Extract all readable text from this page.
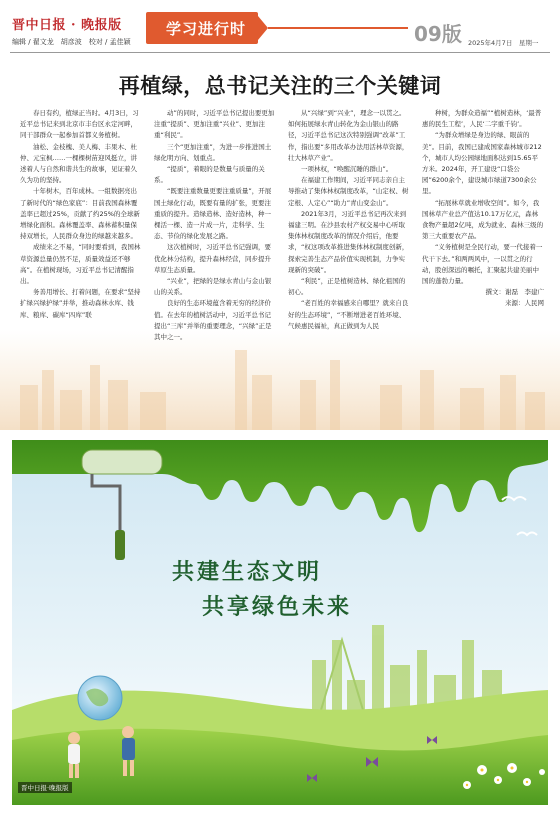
晋中日报 · 晚报版
编辑 / 翟文龙　胡彦波　校对 / 孟佳颖
学习进行时	09版 2025年4月7日　星期一
再植绿，总书记关注的三个关键词

春日有约，植绿正当时。4月3日，习近平总书记来到北京市丰台区永定河畔，同干部群众一起参加首都义务植树。

油松、金枝槐、美人梅、丰果木、杜仲、元宝枫……一棵棵树苗迎风挺立，讲述着人与自然和谐共生的故事，见证着久久为功的坚持。

十年树木，百年成林。一组数据亮出了新时代的“绿色家底”：目前我国森林覆盖率已超过25%，贡献了约25%的全球新增绿化面积。森林覆盖率、森林蓄积量保持双增长，人民群众身边的绿越来越多。

成绩来之不易，“同时要看到，我国林草资源总量仍然不足，质量效益还不够高”。在植树现场，习近平总书记清醒指出。

务善用增长、打着问题，在要求“坚持扩绿兴绿护绿”并举，推动森林水库、钱库、粮库、碳库“四库”联

动”的同时，习近平总书记提出要更加注重“提质”、更加注重“兴业”、更加注重“利民”。

三个“更加注重”，为进一步推进国土绿化明方向、划重点。

“提质”，着眼的是数量与质量的关系。

“既要注重数量更要注重质量”，开展国土绿化行动，既要有量的扩张，更要注重质的提升。造绿造林、造好造林，种一棵活一棵、造一片成一片，走科学、生态、节俭的绿化发展之路。

这次植树时，习近平总书记强调，要优化林分结构，提升森林经营，同步提升草原生态质量。

“兴业”，把绿的是绿水青山与金山银山的关系。

良好的生态环境蕴含着无穷的经济价值。在去年的植树活动中，习近平总书记提出“三库”并举的重要理念，“兴绿”正是其中之一。

从“兴绿”到“兴业”，理念一以贯之。如何拓展绿水青山转化为金山银山的路径，习近平总书记这次特别强调“改革”工作，指出要“多用改革办法用活林草资源，壮大林草产业”。

一项林权，“唤醒沉睡的群山”。

在福建工作期间，习近平同志亲自主导推动了集体林权制度改革，“山定权、树定根、人定心”“助力”青山变金山”。

2021年3月，习近平总书记再次来到福建三明。在沙县农村产权交易中心听取集体林权制度改革的情况介绍后，他要求，“权这项改革推进集体林权制度创新，探索完善生态产品价值实现机制，力争实现新的突破”。

“利民”，正是植树造林、绿化祖国的初心。

“老百姓的幸福感来自哪里？就来自良好的生态环境”，“不断增进老百姓环境、气候惠民福祉，真正做到为人民

种树，为群众造福”“植树造林，‘最普惠的民生工程’，人民‘二字重千钧’。

“为群众增绿是身边的绿、眼前的美”。目前，我国已建成国家森林城市212个，城市人均公园绿地面积达到15.65平方米。2024年，开工建设“口袋公园”6200余个，建设城市绿道7300余公里。

“拓展林草就业增收空间”。如今，我国林草产业总产值达10.17万亿元，森林食物产量超2亿吨，成为就业、森林三级的第三大重要农产品。

“义务植树是全民行动，要一代接着一代干下去。”和两两风中，一以贯之的行动，股创深远的嘱托，汇聚起共建美丽中国的蓬勃力量。

撰文：谢磊　李建广

来源：人民网

共建生态文明
共享绿色未来
晋中日报·晚报版
